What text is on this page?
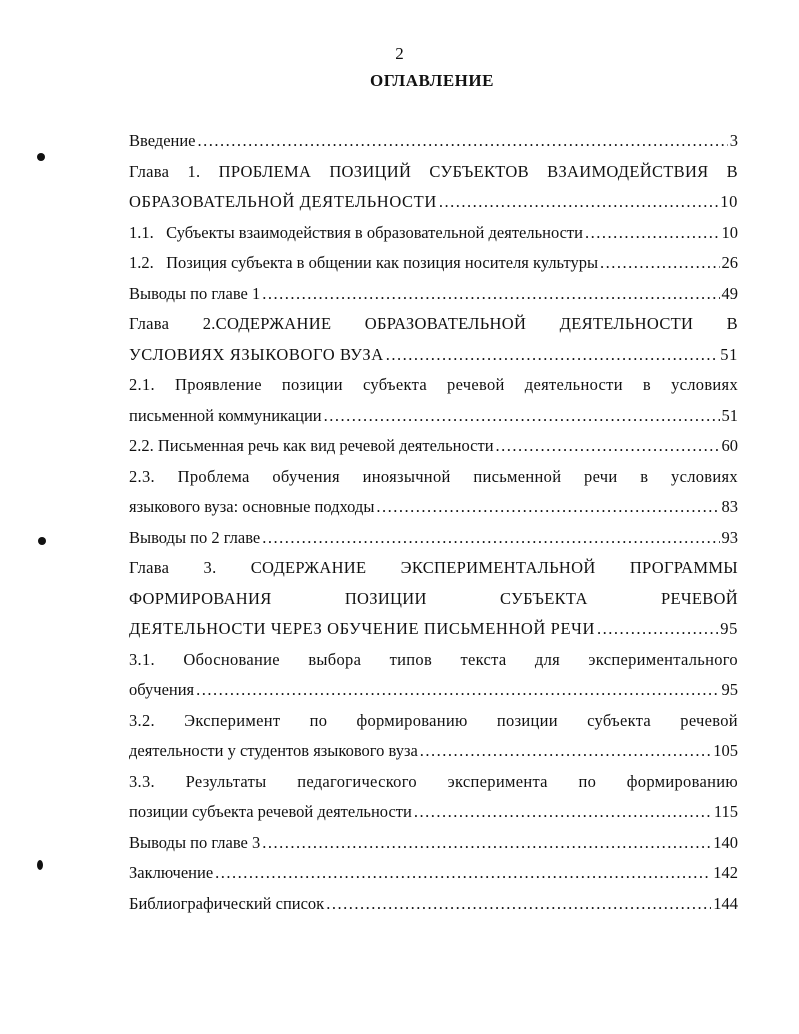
2
ОГЛАВЛЕНИЕ
Введение .....	3
Глава 1. ПРОБЛЕМА ПОЗИЦИЙ СУБЪЕКТОВ ВЗАИМОДЕЙСТВИЯ В
ОБРАЗОВАТЕЛЬНОЙ ДЕЯТЕЛЬНОСТИ .....	10
1.1.   Субъекты взаимодействия в образовательной деятельности .....	10
1.2.   Позиция субъекта в общении как позиция носителя культуры .....	26
Выводы по главе 1 .....	49
Глава 2.СОДЕРЖАНИЕ ОБРАЗОВАТЕЛЬНОЙ ДЕЯТЕЛЬНОСТИ В
УСЛОВИЯХ ЯЗЫКОВОГО ВУЗА .....	51
2.1. Проявление позиции субъекта речевой деятельности в условиях
письменной коммуникации .....	51
2.2. Письменная речь как вид речевой деятельности .....	60
2.3. Проблема обучения иноязычной письменной речи в условиях
языкового вуза: основные подходы .....	83
Выводы по 2 главе .....	93
Глава 3. СОДЕРЖАНИЕ ЭКСПЕРИМЕНТАЛЬНОЙ ПРОГРАММЫ
ФОРМИРОВАНИЯ	ПОЗИЦИИ	СУБЪЕКТА	РЕЧЕВОЙ
ДЕЯТЕЛЬНОСТИ ЧЕРЕЗ ОБУЧЕНИЕ ПИСЬМЕННОЙ РЕЧИ .....	95
3.1. Обоснование выбора типов текста для экспериментального
обучения .....	95
3.2. Эксперимент по формированию позиции субъекта речевой
деятельности у студентов языкового вуза .....	105
3.3. Результаты педагогического эксперимента по формированию
позиции субъекта речевой деятельности .....	115
Выводы по главе 3 .....	140
Заключение .....	142
Библиографический список .....	144
